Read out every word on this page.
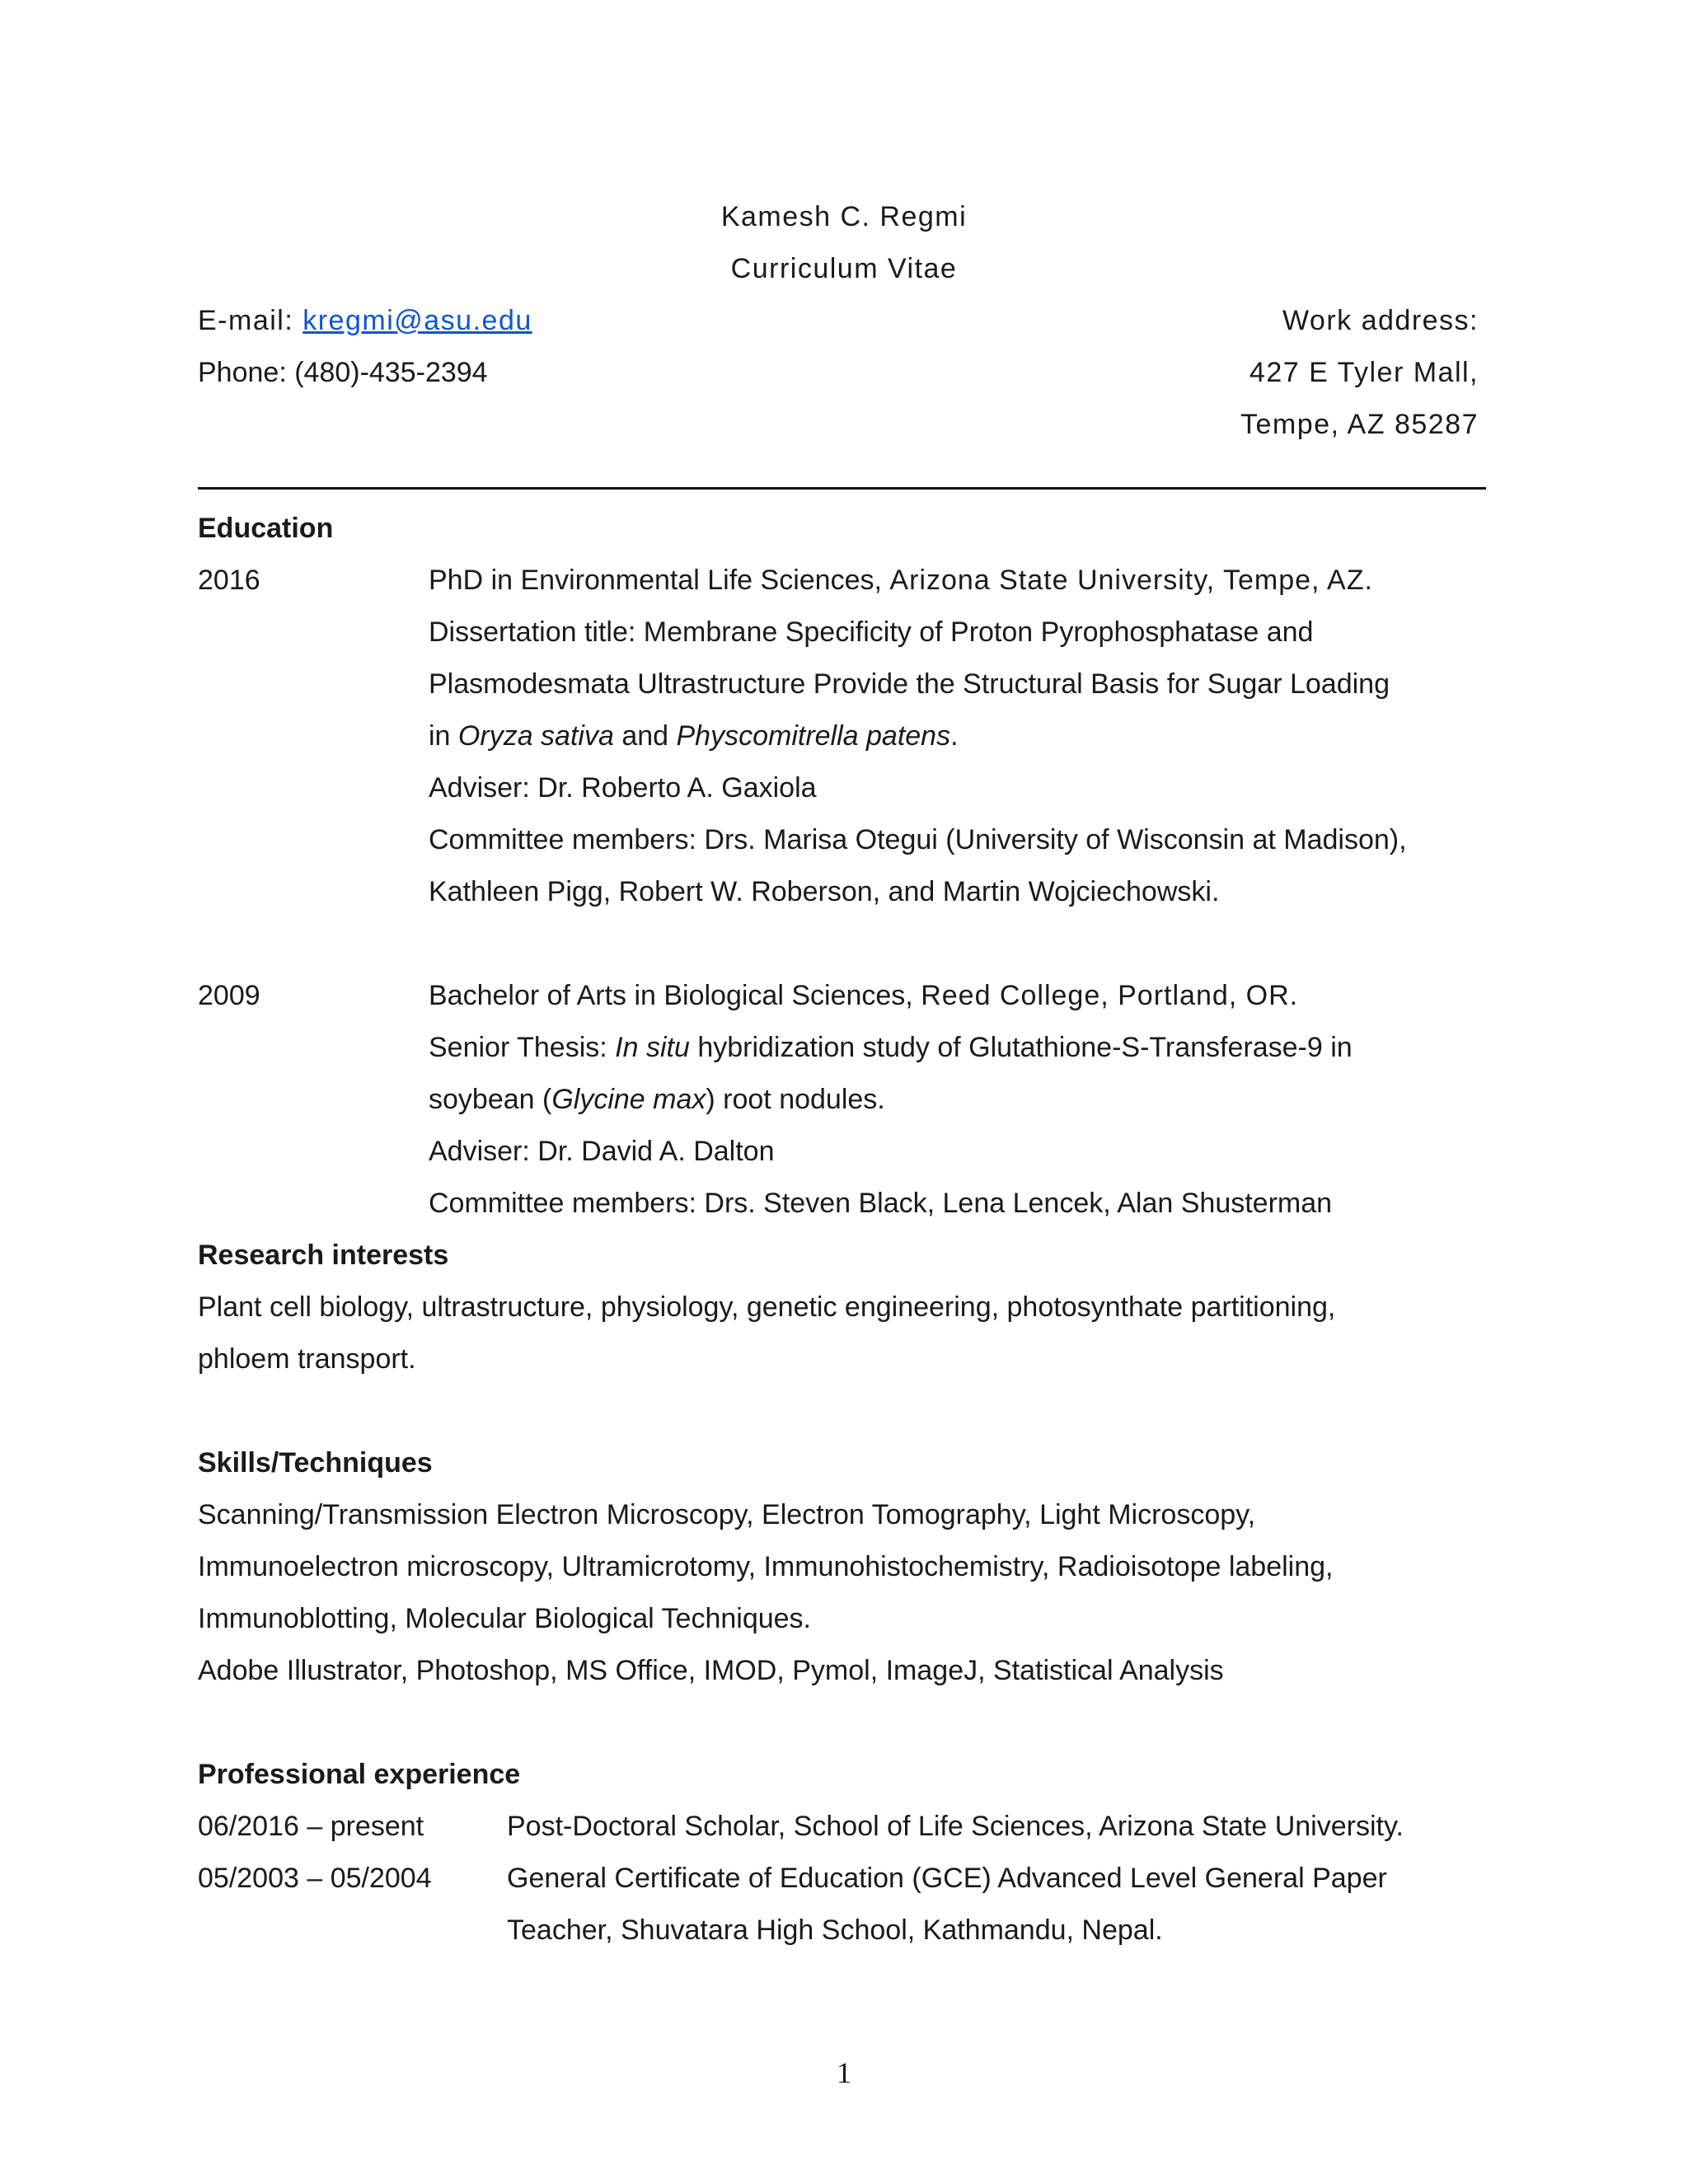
Kamesh C. Regmi
Curriculum Vitae
E-mail: kregmi@asu.edu	Work address:
Phone: (480)-435-2394	427 E Tyler Mall,
Tempe, AZ 85287
Education
2016	PhD in Environmental Life Sciences, Arizona State University, Tempe, AZ.
Dissertation title: Membrane Specificity of Proton Pyrophosphatase and
Plasmodesmata Ultrastructure Provide the Structural Basis for Sugar Loading
in Oryza sativa and Physcomitrella patens.
Adviser: Dr. Roberto A. Gaxiola
Committee members: Drs. Marisa Otegui (University of Wisconsin at Madison),
Kathleen Pigg, Robert W. Roberson, and Martin Wojciechowski.
2009	Bachelor of Arts in Biological Sciences, Reed College, Portland, OR.
Senior Thesis: In situ hybridization study of Glutathione-S-Transferase-9 in
soybean (Glycine max) root nodules.
Adviser: Dr. David A. Dalton
Committee members: Drs. Steven Black, Lena Lencek, Alan Shusterman
Research interests
Plant cell biology, ultrastructure, physiology, genetic engineering, photosynthate partitioning,
phloem transport.
Skills/Techniques
Scanning/Transmission Electron Microscopy, Electron Tomography, Light Microscopy,
Immunoelectron microscopy, Ultramicrotomy, Immunohistochemistry, Radioisotope labeling,
Immunoblotting, Molecular Biological Techniques.
Adobe Illustrator, Photoshop, MS Office, IMOD, Pymol, ImageJ, Statistical Analysis
Professional experience
06/2016 – present	Post-Doctoral Scholar, School of Life Sciences, Arizona State University.
05/2003 – 05/2004	General Certificate of Education (GCE) Advanced Level General Paper
Teacher, Shuvatara High School, Kathmandu, Nepal.
1
